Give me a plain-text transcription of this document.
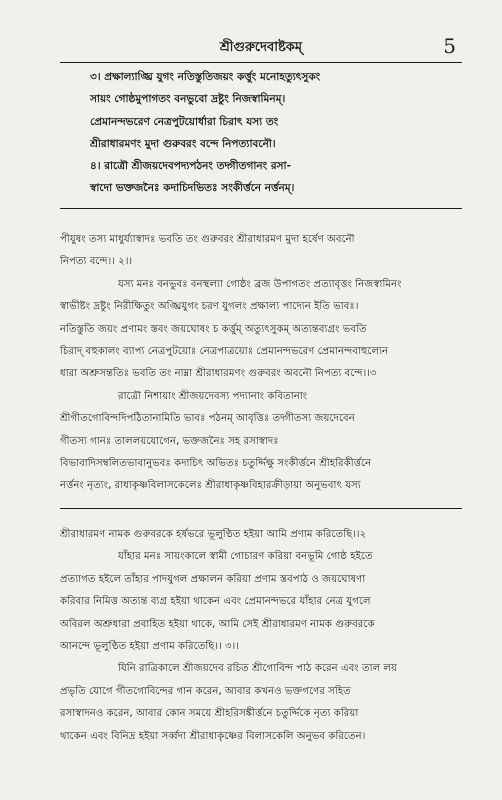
শ্রীগুরুদেবাষ্টকম্	5

৩। প্রক্ষাল্যাঙ্ঘ্রি যুগং নতিস্তুতিজয়ং কর্ত্তুং মনোহত্যুৎসুকং

সায়ং গোষ্ঠমুপাগতং বনভুবো দ্রষ্টুং নিজস্বামিনম্।

প্রেমানন্দভরেণ নেত্রপুটয়োর্ধারা চিরাৎ যস্য তং

শ্রীরাধারমণং মুদা গুরুবরং বন্দে নিপত্যাবনৌ।

৪। রাত্রৌ শ্রীজয়দেবপদ্যপঠনং তদ্গীতগানং রসা-

স্বাদো ভক্তজনৈঃ কদাচিদভিতঃ সংকীর্ত্তনে নর্ত্তনম্।

পীযুষং তস্য মাধুর্য্যাস্বাদঃ ভবতি তং গুরুবরং শ্রীরাধারমণ মুদা হর্ষেণ অবনৌ

নিপত্য বন্দে।। ২।।

যস্য মনঃ বনভুবঃ বনস্থল্যা গোষ্ঠং ব্রজ উপাগতং প্রত্যাবৃত্তং নিজস্বামিনং

স্বাভীষ্টং দ্রষ্টুং নিরীক্ষিতুং অঙ্ঘ্রিযুগং চরণ যুগলং প্রক্ষাল্য পাদ্যেন ইতি ভাবঃ।

নতিস্তুতি জয়ং প্রণামং স্তবং জয়ঘোষং চ কর্ত্তুম্ অত্যুৎসুকম্ অত্যন্তব্যগ্রং ভবতি

চিরাদ্ বহুকালং ব্যাপ্য নেত্রপুটয়োঃ নেত্রপাত্রয়োঃ প্রেমানন্দভরেণ প্রেমানন্দবাহুল্যেন

ধারা অশ্রুসন্ততিঃ ভবতি তং নাম্না শ্রীরাধারমণং গুরুবরং অবনৌ নিপত্য বন্দে।।৩

রাত্রৌ নিশায়াং শ্রীজয়দেবস্য পদ্যানাং কবিতানাং

শ্রীগীতগোবিন্দদিপঠিতানামিতি ভাবঃ পঠনম্ আবৃত্তিঃ তদ্গীতস্য জয়দেবেন

গীতস্য গানঃ তাললয়যোগেন, ভক্তজনৈঃ সহ রসাস্বাদঃ

বিভাবাদিসম্বলিতভাবানুভবঃ কদাচিৎ অভিতঃ চতুর্দ্দিক্ষু সংকীর্ত্তনে শ্রীহরিকীর্ত্তনে

নর্ত্তনং নৃত্যং, রাধাকৃষ্ণবিলাসকেলেঃ শ্রীরাধাকৃষ্ণবিহারক্রীড়ায়া অনুভবাৎ যস্য

শ্রীরাধারমণ নামক গুরুবরকে হর্ষভরে ভূলুণ্ঠিত হইয়া আমি প্রণাম করিতেছি।।২

যাঁহার মনঃ সায়ংকালে স্বামী গোচারণ করিয়া বনভূমি গোষ্ঠ হইতে

প্রত্যাগত হইলে তাঁহার পাদযুগল প্রক্ষালন করিয়া প্রণাম স্তবপাঠ ও জয়ঘোষণা

করিবার নিমিত্ত অত্যন্ত ব্যগ্র হইয়া থাকেন এবং প্রেমানন্দভরে যাঁহার নেত্র যুগলে

অবিরল অশ্রুধারা প্রবাহিত হইয়া থাকে, আমি সেই শ্রীরাধারমণ নামক গুরুবরকে

আনন্দে ভূলুণ্ঠিত হইয়া প্রণাম করিতেছি।। ৩।।

যিনি রাত্রিকালে শ্রীজয়দেব রচিত শ্রীগোবিন্দ পাঠ করেন এবং তাল লয়

প্রভৃতি যোগে গীতগোবিন্দের গান করেন, আবার কখনও ভক্তগণের সহিত

রসাস্বাদনও করেন, আবার কোন সময়ে শ্রীহরিসঙ্কীর্ত্তনে চতুর্দ্দিকে নৃত্য করিয়া

থাকেন এবং বিনিদ্র হইয়া সর্ব্বদা শ্রীরাধাকৃষ্ণের বিলাসকেলি অনুভব করিতেন।
